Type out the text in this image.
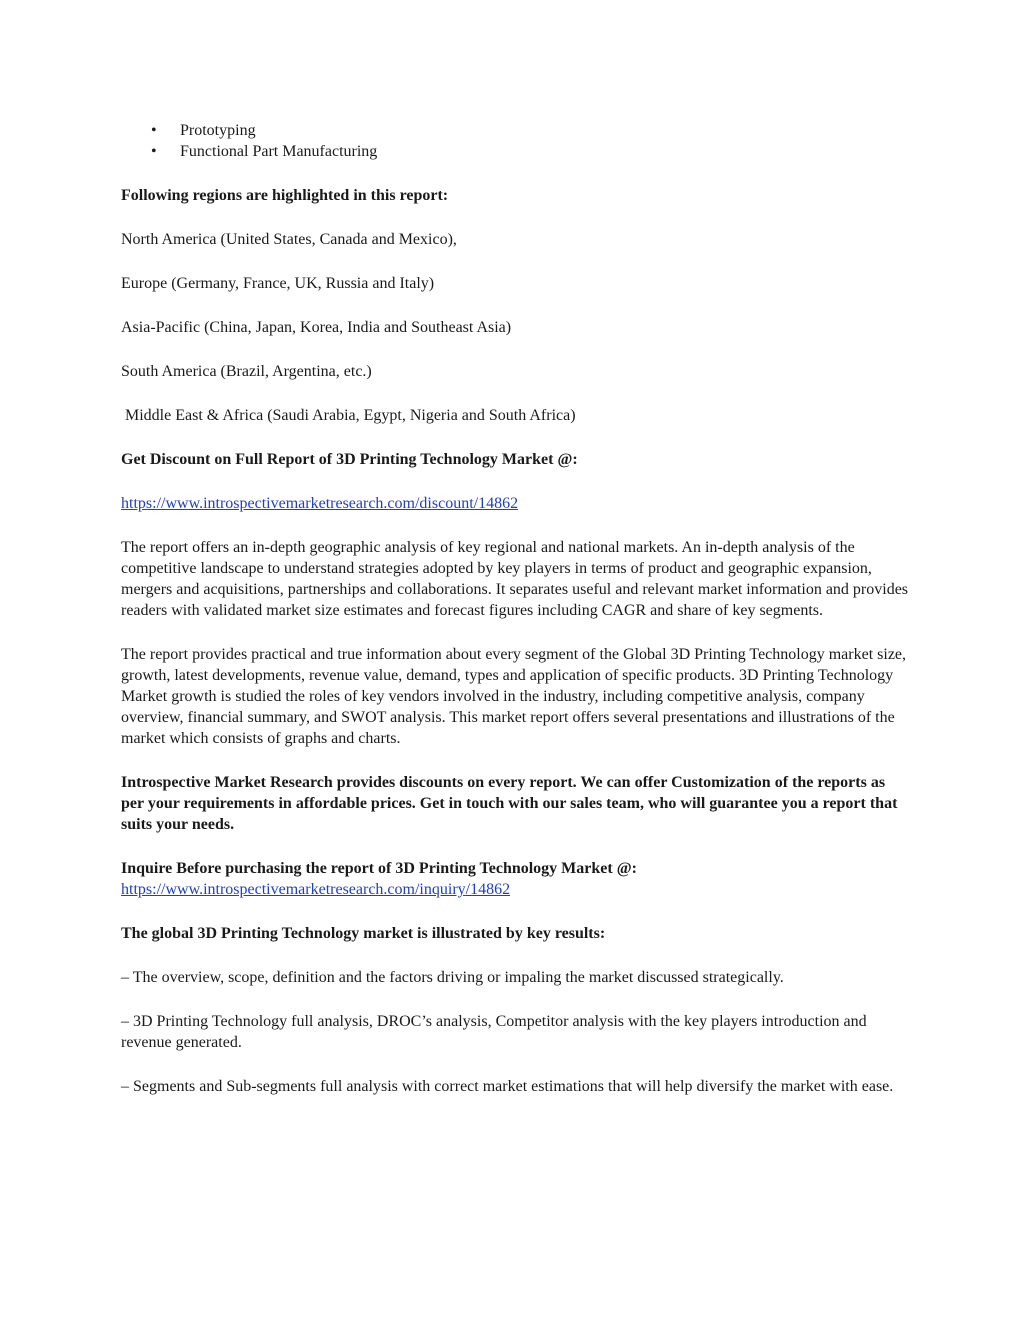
• Prototyping
• Functional Part Manufacturing

Following regions are highlighted in this report:

North America (United States, Canada and Mexico),

Europe (Germany, France, UK, Russia and Italy)

Asia-Pacific (China, Japan, Korea, India and Southeast Asia)

South America (Brazil, Argentina, etc.)

Middle East & Africa (Saudi Arabia, Egypt, Nigeria and South Africa)

Get Discount on Full Report of 3D Printing Technology Market @:

https://www.introspectivemarketresearch.com/discount/14862

The report offers an in-depth geographic analysis of key regional and national markets. An in-depth analysis of the competitive landscape to understand strategies adopted by key players in terms of product and geographic expansion, mergers and acquisitions, partnerships and collaborations. It separates useful and relevant market information and provides readers with validated market size estimates and forecast figures including CAGR and share of key segments.

The report provides practical and true information about every segment of the Global 3D Printing Technology market size, growth, latest developments, revenue value, demand, types and application of specific products. 3D Printing Technology Market growth is studied the roles of key vendors involved in the industry, including competitive analysis, company overview, financial summary, and SWOT analysis. This market report offers several presentations and illustrations of the market which consists of graphs and charts.

Introspective Market Research provides discounts on every report. We can offer Customization of the reports as per your requirements in affordable prices. Get in touch with our sales team, who will guarantee you a report that suits your needs.

Inquire Before purchasing the report of 3D Printing Technology Market @: https://www.introspectivemarketresearch.com/inquiry/14862

The global 3D Printing Technology market is illustrated by key results:

– The overview, scope, definition and the factors driving or impaling the market discussed strategically.

– 3D Printing Technology full analysis, DROC’s analysis, Competitor analysis with the key players introduction and revenue generated.

– Segments and Sub-segments full analysis with correct market estimations that will help diversify the market with ease.
